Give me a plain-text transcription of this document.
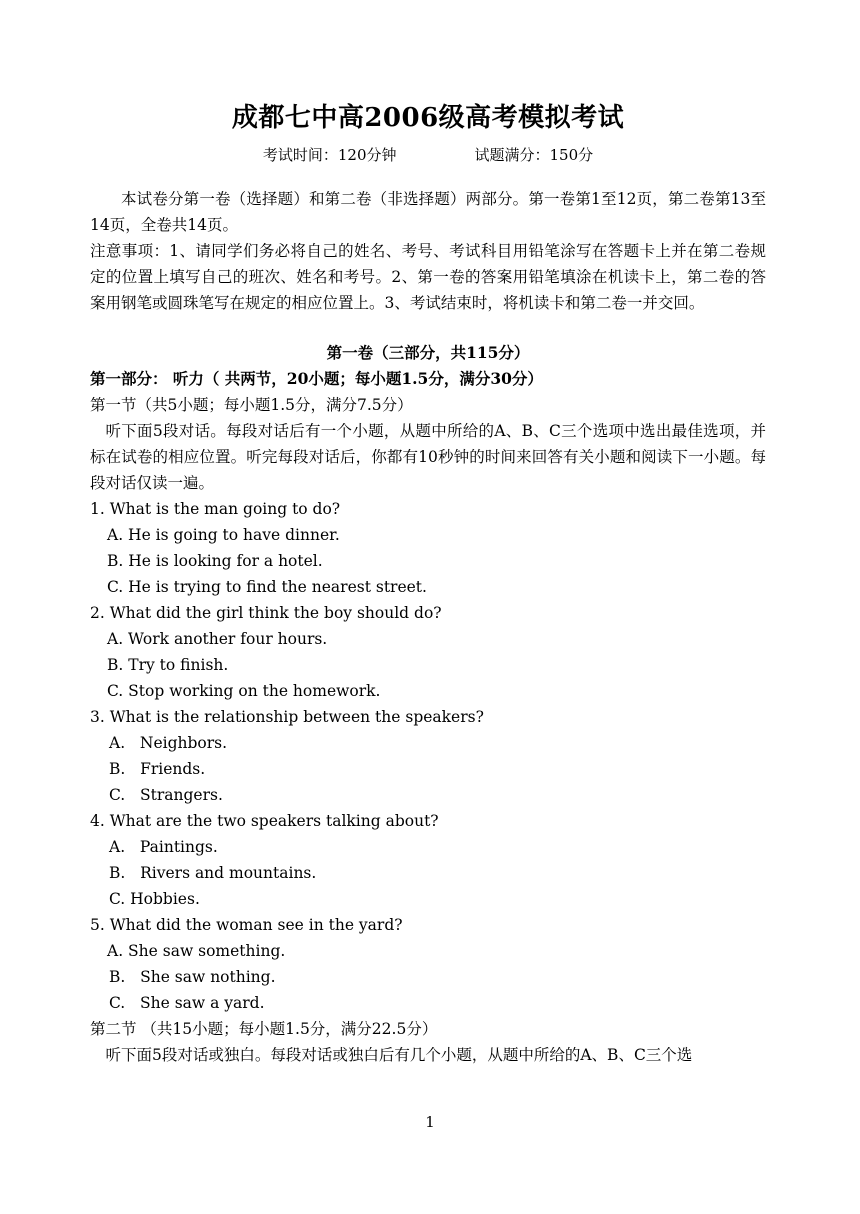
成都七中高2006级高考模拟考试
考试时间：120分钟	试题满分：150分

本试卷分第一卷（选择题）和第二卷（非选择题）两部分。第一卷第1至12页，第二卷第13至14页，全卷共14页。

注意事项：1、请同学们务必将自己的姓名、考号、考试科目用铅笔涂写在答题卡上并在第二卷规定的位置上填写自己的班次、姓名和考号。2、第一卷的答案用铅笔填涂在机读卡上，第二卷的答案用钢笔或圆珠笔写在规定的相应位置上。3、考试结束时，将机读卡和第二卷一并交回。

第一卷（三部分，共115分）

第一部分： 听力（ 共两节，20小题；每小题1.5分，满分30分）

第一节（共5小题；每小题1.5分，满分7.5分）

听下面5段对话。每段对话后有一个小题，从题中所给的A、B、C三个选项中选出最佳选项，并标在试卷的相应位置。听完每段对话后，你都有10秒钟的时间来回答有关小题和阅读下一小题。每段对话仅读一遍。

1. What is the man going to do?

A. He is going to have dinner.

B. He is looking for a hotel.

C. He is trying to find the nearest street.

2. What did the girl think the boy should do?

A. Work another four hours.

B. Try to finish.

C. Stop working on the homework.

3. What is the relationship between the speakers?

A.   Neighbors.

B.   Friends.

C.   Strangers.

4. What are the two speakers talking about?

A.   Paintings.

B.   Rivers and mountains.

C. Hobbies.

5. What did the woman see in the yard?

A. She saw something.

B.   She saw nothing.

C.   She saw a yard.

第二节 （共15小题；每小题1.5分，满分22.5分）

听下面5段对话或独白。每段对话或独白后有几个小题，从题中所给的A、B、C三个选

1
